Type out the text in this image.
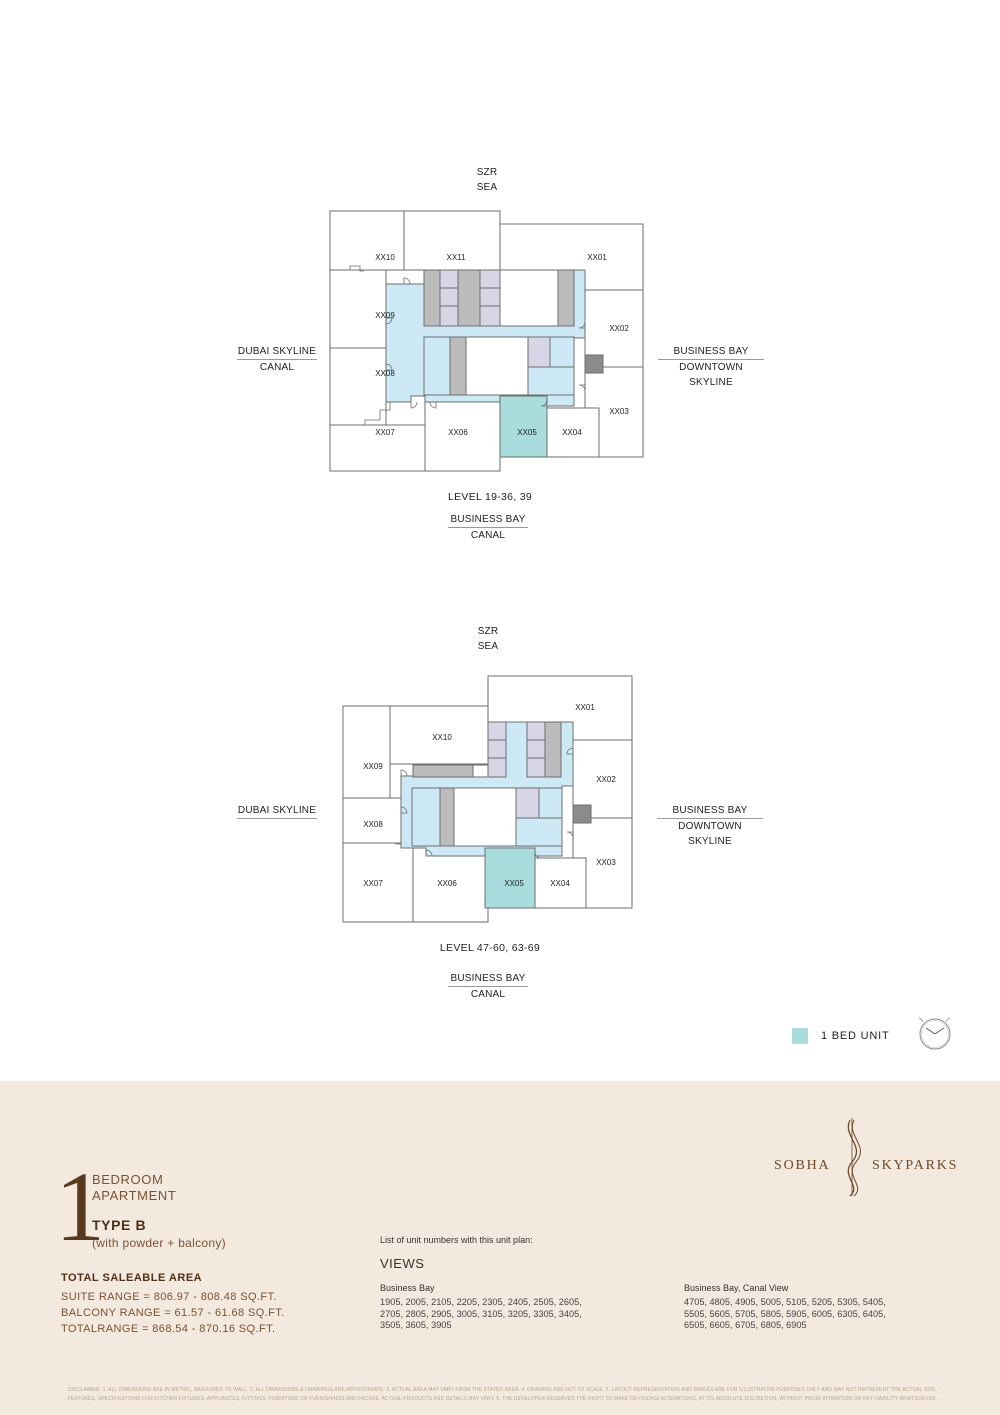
SZR
SEA
DUBAI SKYLINE
CANAL
BUSINESS BAY
DOWNTOWN SKYLINE
LEVEL 19-36, 39
BUSINESS BAY
CANAL
XX10	XX11	XX01
XX09
XX02
XX08
XX03
XX07	XX06	XX05	XX04
SZR
SEA
DUBAI SKYLINE	BUSINESS BAY
DOWNTOWN SKYLINE
LEVEL 47-60, 63-69
BUSINESS BAY
CANAL
XX01
XX10
XX09
XX02
XX08
XX03
XX07	XX06	XX05	XX04
1 BED UNIT
1
BEDROOM
APARTMENT
TYPE B
(with powder + balcony)
TOTAL SALEABLE AREA
SUITE RANGE = 806.97 - 808.48 SQ.FT.
BALCONY RANGE = 61.57 - 61.68 SQ.FT.
TOTALRANGE = 868.54 - 870.16 SQ.FT.
List of unit numbers with this unit plan:
VIEWS
Business Bay
1905, 2005, 2105, 2205, 2305, 2405, 2505, 2605,
2705, 2805, 2905, 3005, 3105, 3205, 3305, 3405,
3505, 3605, 3905
Business Bay, Canal View
4705, 4805, 4905, 5005, 5105, 5205, 5305, 5405,
5505, 5605, 5705, 5805, 5905, 6005, 6305, 6405,
6505, 6605, 6705, 6805, 6905
SOBHA	SKYPARKS
DISCLAIMER: 1. ALL DIMENSIONS ARE IN METRIC, MEASURED TO WALL. 2. ALL DIMENSIONS & DRAWINGS ARE APPROXIMATE. 3. ACTUAL AREA MAY VARY FROM THE STATED AREA. 4. DRAWING ARE NOT TO SCALE. 5. LAYOUT REPRESENTATION AND IMAGES ARE FOR ILLUSTRATIVE PURPOSES ONLY AND MAY NOT REPRESENT THE ACTUAL SIZE,
FEATURES, SPECIFICATIONS FOR KITCHEN FIXTURES, APPLIANCES, FITTINGS, FURNITURE OR FURNISHINGS AND FACADE. ACTUAL PRODUCTS AND DETAILS MAY VARY. 6. THE DEVELOPER RESERVES THE RIGHT TO MAKE REVISIONS/ ALTERATIONS, AT ITS ABSOLUTE DISCRETION, WITHOUT PRIOR INTIMATION OR ANY LIABILITY WHATSOEVER.
